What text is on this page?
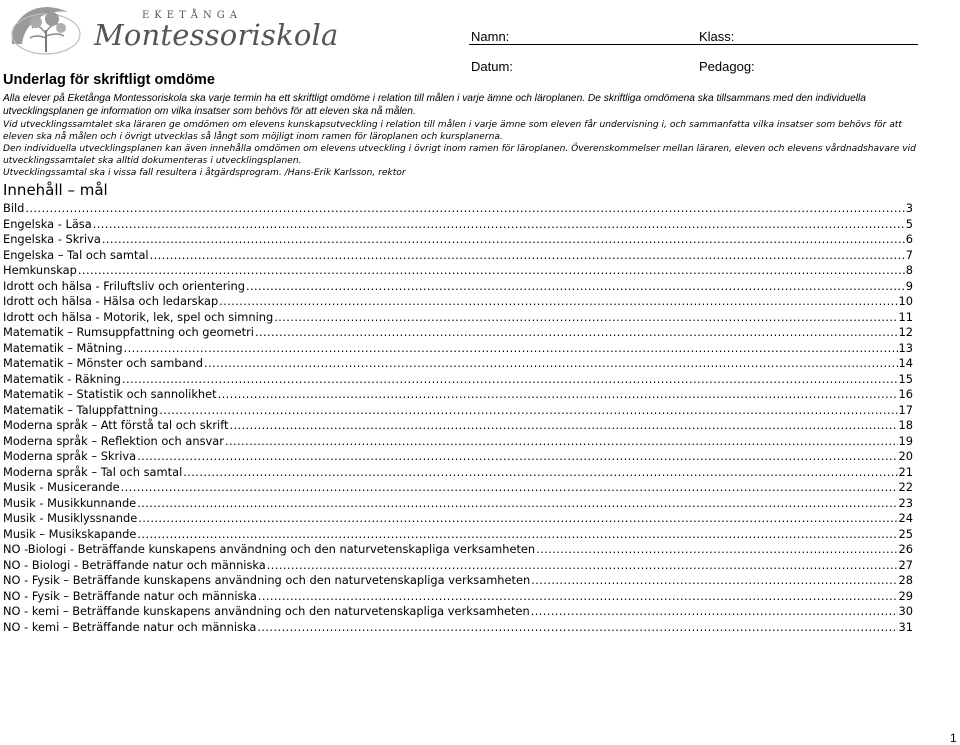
EKETÅNGA
Montessoriskola	Namn:	Klass:
Datum:	Pedagog:
Underlag för skriftligt omdöme
Alla elever på Eketånga Montessoriskola ska varje termin ha ett skriftligt omdöme i relation till målen i varje ämne och läroplanen. De skriftliga omdömena ska tillsammans med den individuella utvecklingsplanen ge information om vilka insatser som behövs för att eleven ska nå målen.

Vid utvecklingssamtalet ska läraren ge omdömen om elevens kunskapsutveckling i relation till målen i varje ämne som eleven får undervisning i, och sammanfatta vilka insatser som behövs för att eleven ska nå målen och i övrigt utvecklas så långt som möjligt inom ramen för läroplanen och kursplanerna.

Den individuella utvecklingsplanen kan även innehålla omdömen om elevens utveckling i övrigt inom ramen för läroplanen. Överenskommelser mellan läraren, eleven och elevens vårdnadshavare vid utvecklingssamtalet ska alltid dokumenteras i utvecklingsplanen.

Utvecklingssamtal ska i vissa fall resultera i åtgärdsprogram. /Hans-Erik Karlsson, rektor

Innehåll – mål
Bild .....	3
Engelska - Läsa .....	5
Engelska - Skriva .....	6
Engelska – Tal och samtal .....	7
Hemkunskap .....	8
Idrott och hälsa - Friluftsliv och orientering .....	9
Idrott och hälsa - Hälsa och ledarskap .....	10
Idrott och hälsa - Motorik, lek, spel och simning .....	11
Matematik – Rumsuppfattning och geometri .....	12
Matematik – Mätning .....	13
Matematik – Mönster och samband .....	14
Matematik - Räkning .....	15
Matematik – Statistik och sannolikhet .....	16
Matematik – Taluppfattning .....	17
Moderna språk – Att förstå tal och skrift .....	18
Moderna språk – Reflektion och ansvar .....	19
Moderna språk – Skriva .....	20
Moderna språk – Tal och samtal .....	21
Musik - Musicerande .....	22
Musik - Musikkunnande .....	23
Musik - Musiklyssnande .....	24
Musik – Musikskapande .....	25
NO -Biologi - Beträffande kunskapens användning och den naturvetenskapliga verksamheten .....	26
NO - Biologi - Beträffande natur och människa .....	27
NO - Fysik – Beträffande kunskapens användning och den naturvetenskapliga verksamheten .....	28
NO - Fysik – Beträffande natur och människa .....	29
NO - kemi – Beträffande kunskapens användning och den naturvetenskapliga verksamheten .....	30
NO - kemi – Beträffande natur och människa .....	31
1
